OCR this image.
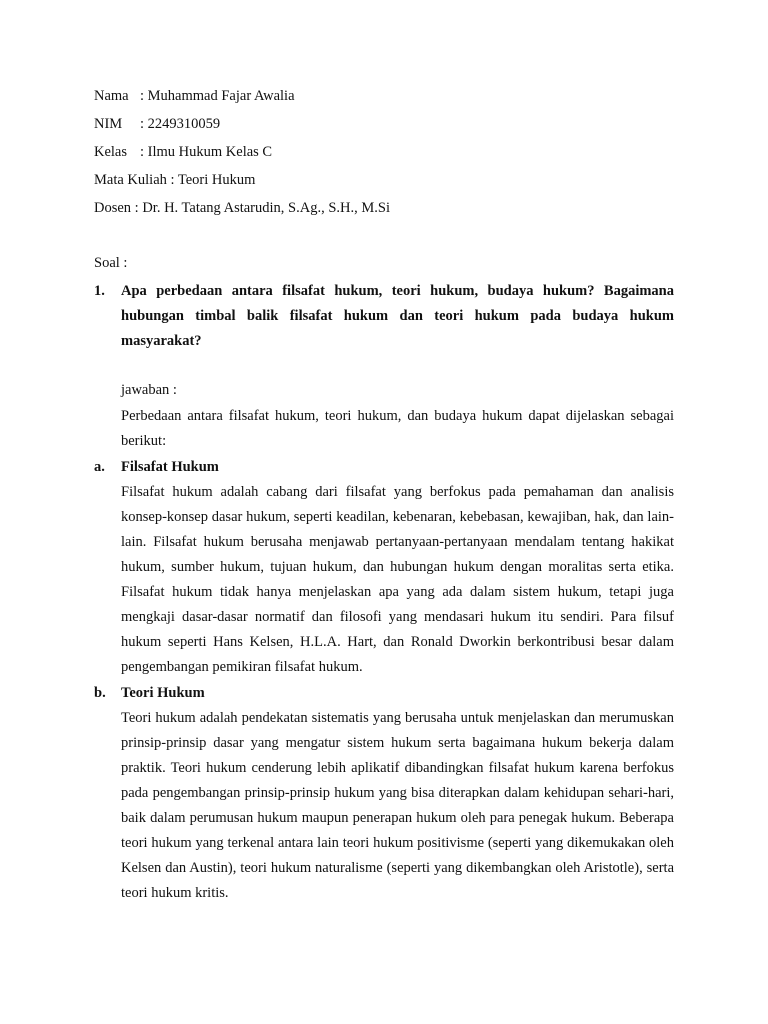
Nama : Muhammad Fajar Awalia
NIM : 2249310059
Kelas : Ilmu Hukum Kelas C
Mata Kuliah : Teori Hukum
Dosen : Dr. H. Tatang Astarudin, S.Ag., S.H., M.Si
Soal :
1. Apa perbedaan antara filsafat hukum, teori hukum, budaya hukum? Bagaimana hubungan timbal balik filsafat hukum dan teori hukum pada budaya hukum masyarakat?
jawaban :
Perbedaan antara filsafat hukum, teori hukum, dan budaya hukum dapat dijelaskan sebagai berikut:
a. Filsafat Hukum
Filsafat hukum adalah cabang dari filsafat yang berfokus pada pemahaman dan analisis konsep-konsep dasar hukum, seperti keadilan, kebenaran, kebebasan, kewajiban, hak, dan lain-lain. Filsafat hukum berusaha menjawab pertanyaan-pertanyaan mendalam tentang hakikat hukum, sumber hukum, tujuan hukum, dan hubungan hukum dengan moralitas serta etika. Filsafat hukum tidak hanya menjelaskan apa yang ada dalam sistem hukum, tetapi juga mengkaji dasar-dasar normatif dan filosofi yang mendasari hukum itu sendiri. Para filsuf hukum seperti Hans Kelsen, H.L.A. Hart, dan Ronald Dworkin berkontribusi besar dalam pengembangan pemikiran filsafat hukum.
b. Teori Hukum
Teori hukum adalah pendekatan sistematis yang berusaha untuk menjelaskan dan merumuskan prinsip-prinsip dasar yang mengatur sistem hukum serta bagaimana hukum bekerja dalam praktik. Teori hukum cenderung lebih aplikatif dibandingkan filsafat hukum karena berfokus pada pengembangan prinsip-prinsip hukum yang bisa diterapkan dalam kehidupan sehari-hari, baik dalam perumusan hukum maupun penerapan hukum oleh para penegak hukum. Beberapa teori hukum yang terkenal antara lain teori hukum positivisme (seperti yang dikemukakan oleh Kelsen dan Austin), teori hukum naturalisme (seperti yang dikembangkan oleh Aristotle), serta teori hukum kritis.
